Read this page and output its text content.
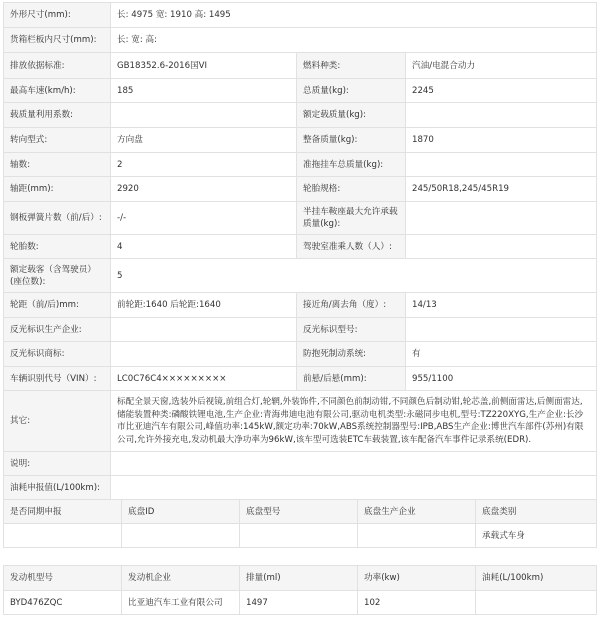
外形尺寸(mm):	长: 4975 宽: 1910 高: 1495		
货箱栏板内尺寸(mm):	长: 宽: 高:		
排放依据标准:	GB18352.6-2016国VI	燃料种类:	汽油/电混合动力
最高车速(km/h):	185	总质量(kg):	2245
载质量利用系数:		额定载质量(kg):	
转向型式:	方向盘	整备质量(kg):	1870
轴数:	2	准拖挂车总质量(kg):	
轴距(mm):	2920	轮胎规格:	245/50R18,245/45R19
钢板弹簧片数（前/后）:	-/-	半挂车鞍座最大允许承载质量(kg):	
轮胎数:	4	驾驶室准乘人数（人）:	
额定载客（含驾驶员）(座位数):	5		
轮距（前/后)mm:	前轮距:1640 后轮距:1640	接近角/离去角（度）:	14/13
反光标识生产企业:		反光标识型号:	
反光标识商标:		防抱死制动系统:	有
车辆识别代号（VIN）:	LC0C76C4×××××××××	前悬/后悬(mm):	955/1100
其它:	标配全景天窗,选装外后视镜,前组合灯,轮辋,外装饰件,不同颜色前制动钳,不同颜色后制动钳,轮芯盖,前侧面雷达,后侧面雷达,储能装置种类:磷酸铁锂电池,生产企业:青海弗迪电池有限公司,驱动电机类型:永磁同步电机,型号:TZ220XYG,生产企业:长沙市比亚迪汽车有限公司,峰值功率:145kW,额定功率:70kW,ABS系统控制器型号:IPB,ABS生产企业:博世汽车部件(苏州)有限公司,允许外接充电,发动机最大净功率为96kW,该车型可选装ETC车载装置,该车配备汽车事件记录系统(EDR).		
说明:			
油耗申报值(L/100km):			
是否同期申报	底盘ID	底盘型号	底盘生产企业	底盘类别
				承载式车身
发动机型号	发动机企业	排量(ml)	功率(kw)	油耗(L/100km)
BYD476ZQC	比亚迪汽车工业有限公司	1497	102	
